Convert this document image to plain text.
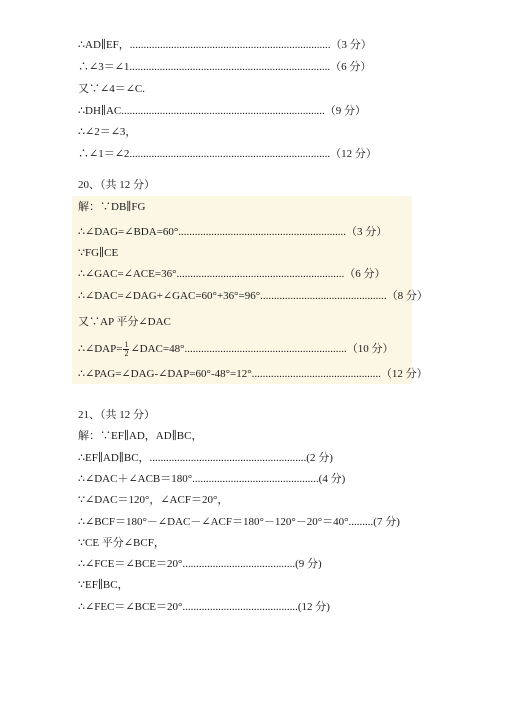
∴AD∥EF，.........................................................................（3 分）
∴∠3＝∠1.........................................................................（6 分）
又∵∠4＝∠C.
∴DH∥AC..........................................................................（9 分）
∴∠2＝∠3，
∴∠1＝∠2.........................................................................（12 分）
20、（共 12 分）
解：∵DB∥FG
∴∠DAG=∠BDA=60°.............................................................（3 分）
∵FG∥CE
∴∠GAC=∠ACE=36°.............................................................（6 分）
∴∠DAC=∠DAG+∠GAC=60°+36°=96°..............................................（8 分）
又∵AP 平分∠DAC
∴∠DAP= $\frac{1}{2}$ ∠DAC=48°...........................................................（10 分）
∴∠PAG=∠DAG-∠DAP=60°-48°=12°...............................................（12 分）
21、（共 12 分）
解：∵EF∥AD，AD∥BC，
∴EF∥AD∥BC，.........................................................(2 分)
∴∠DAC＋∠ACB＝180°..............................................(4 分)
∵∠DAC＝120°，∠ACF＝20°，
∴∠BCF＝180°－∠DAC－∠ACF＝180°－120°－20°＝40°.........(7 分)
∵CE 平分∠BCF，
∴∠FCE＝∠BCE＝20°.........................................(9 分)
∵EF∥BC，
∴∠FEC＝∠BCE＝20°..........................................(12 分)
